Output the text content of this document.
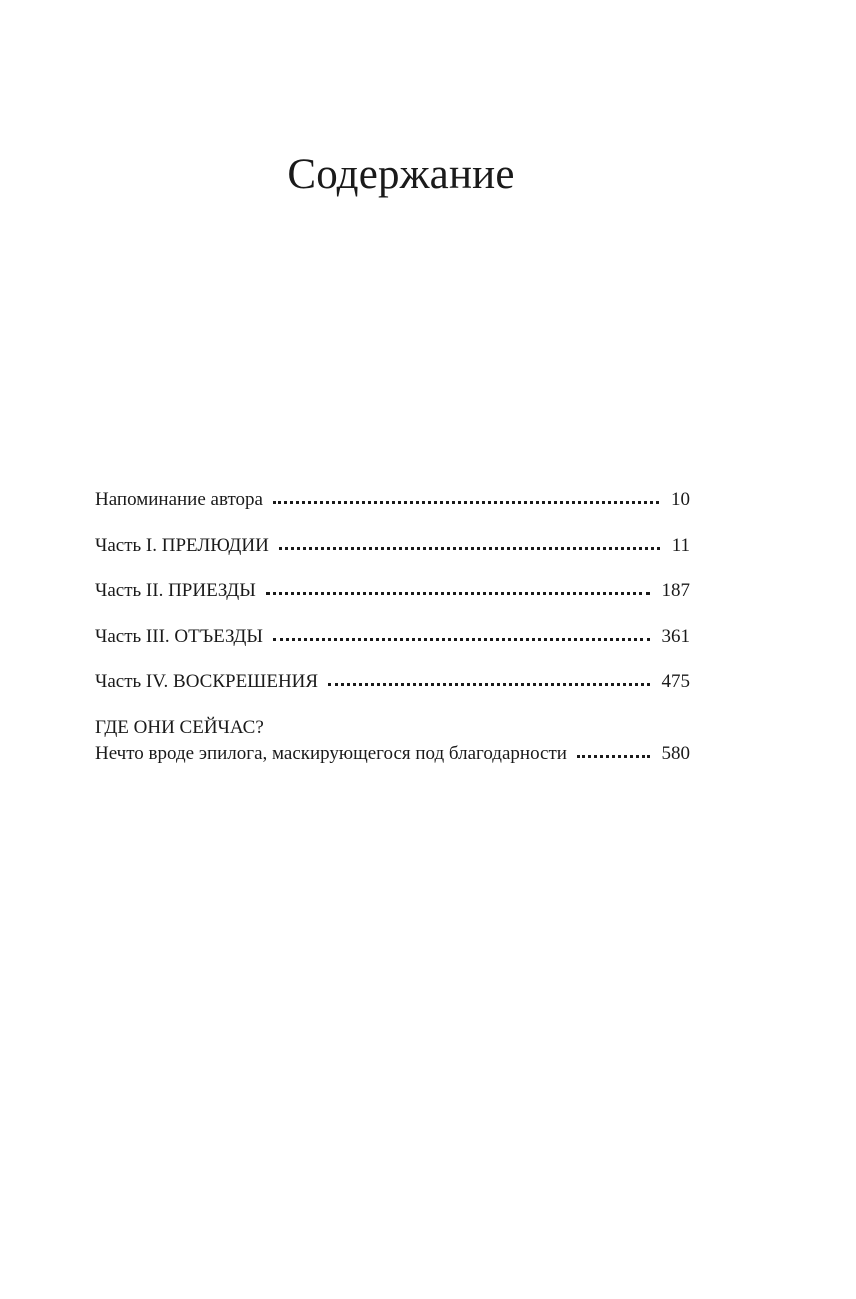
Содержание
Напоминание автора	10
Часть I. ПРЕЛЮДИИ	11
Часть II. ПРИЕЗДЫ	187
Часть III. ОТЪЕЗДЫ	361
Часть IV. ВОСКРЕШЕНИЯ	475
ГДЕ ОНИ СЕЙЧАС?
Нечто вроде эпилога, маскирующегося под благодарности	580
